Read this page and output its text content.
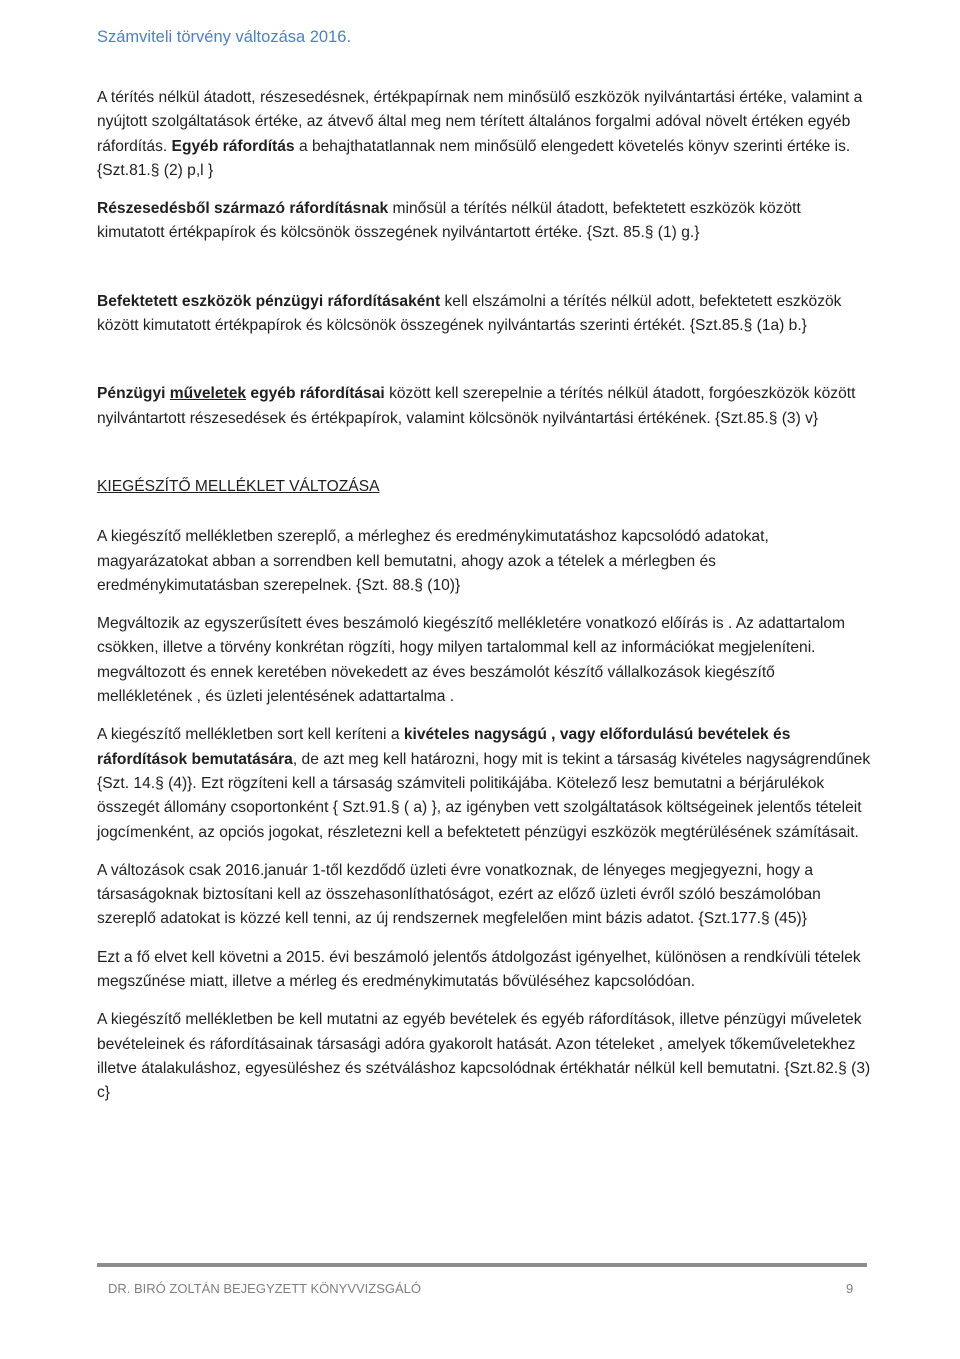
Számviteli törvény változása 2016.

A térítés nélkül átadott, részesedésnek, értékpapírnak nem minősülő eszközök nyilvántartási értéke, valamint a nyújtott szolgáltatások értéke, az átvevő által meg nem térített általános forgalmi adóval növelt értéken egyéb ráfordítás. Egyéb ráfordítás a behajthatatlannak nem minősülő elengedett követelés könyv szerinti értéke is. {Szt.81.§ (2) p,l }

Részesedésből származó ráfordításnak minősül a térítés nélkül átadott, befektetett eszközök között kimutatott értékpapírok és kölcsönök összegének nyilvántartott értéke. {Szt. 85.§ (1) g.}

Befektetett eszközök pénzügyi ráfordításaként kell elszámolni a térítés nélkül adott, befektetett eszközök között kimutatott értékpapírok és kölcsönök összegének nyilvántartás szerinti értékét. {Szt.85.§ (1a) b.}

Pénzügyi műveletek egyéb ráfordításai között kell szerepelnie a térítés nélkül átadott, forgóeszközök között nyilvántartott részesedések és értékpapírok, valamint kölcsönök nyilvántartási értékének. {Szt.85.§ (3) v}

KIEGÉSZÍTŐ MELLÉKLET VÁLTOZÁSA

A kiegészítő mellékletben szereplő, a mérleghez és eredménykimutatáshoz kapcsolódó adatokat, magyarázatokat abban a sorrendben kell bemutatni, ahogy azok a tételek a mérlegben és eredménykimutatásban szerepelnek. {Szt. 88.§ (10)}

Megváltozik az egyszerűsített éves beszámoló kiegészítő mellékletére vonatkozó előírás is . Az adattartalom csökken, illetve a törvény konkrétan rögzíti, hogy milyen tartalommal kell az információkat megjeleníteni. megváltozott és ennek keretében növekedett az éves beszámolót készítő vállalkozások kiegészítő mellékletének , és üzleti jelentésének adattartalma .

A kiegészítő mellékletben sort kell keríteni a kivételes nagyságú , vagy előfordulású bevételek és ráfordítások bemutatására, de azt meg kell határozni, hogy mit is tekint a társaság kivételes nagyságrendűnek {Szt. 14.§ (4)}. Ezt rögzíteni kell a társaság számviteli politikájába. Kötelező lesz bemutatni a bérjárulékok összegét állomány csoportonként { Szt.91.§ ( a) }, az igényben vett szolgáltatások költségeinek jelentős tételeit jogcímenként, az opciós jogokat, részletezni kell a befektetett pénzügyi eszközök megtérülésének számításait.

A változások csak 2016.január 1-től kezdődő üzleti évre vonatkoznak, de lényeges megjegyezni, hogy a társaságoknak biztosítani kell az összehasonlíthatóságot, ezért az előző üzleti évről szóló beszámolóban szereplő adatokat is közzé kell tenni, az új rendszernek megfelelően mint bázis adatot. {Szt.177.§ (45)}

Ezt a fő elvet kell követni a 2015. évi beszámoló jelentős átdolgozást igényelhet, különösen a rendkívüli tételek megszűnése miatt, illetve a mérleg és eredménykimutatás bővüléséhez kapcsolódóan.

A kiegészítő mellékletben be kell mutatni az egyéb bevételek és egyéb ráfordítások, illetve pénzügyi műveletek bevételeinek és ráfordításainak társasági adóra gyakorolt hatását. Azon tételeket , amelyek tőkeműveletekhez illetve átalakuláshoz, egyesüléshez és szétváláshoz kapcsolódnak értékhatár nélkül kell bemutatni. {Szt.82.§ (3) c}

DR. BIRÓ ZOLTÁN BEJEGYZETT KÖNYVVIZSGÁLÓ	9
